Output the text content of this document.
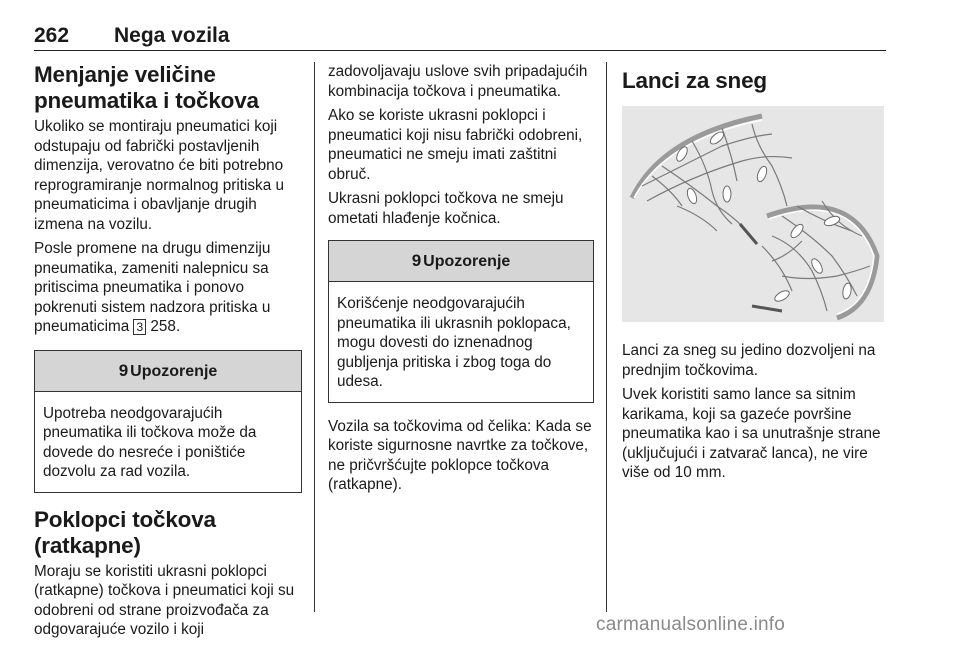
262 Nega vozila
Menjanje veličine pneumatika i točkova

Ukoliko se montiraju pneumatici koji odstupaju od fabrički postavljenih dimenzija, verovatno će biti potrebno reprogramiranje normalnog pritiska u pneumaticima i obavljanje drugih izmena na vozilu.

Posle promene na drugu dimenziju pneumatika, zameniti nalepnicu sa pritiscima pneumatika i ponovo pokrenuti sistem nadzora pritiska u pneumaticima 3 258.

9 Upozorenje
Upotreba neodgovarajućih pneumatika ili točkova može da dovede do nesreće i poništiće dozvolu za rad vozila.
Poklopci točkova (ratkapne)

Moraju se koristiti ukrasni poklopci (ratkapne) točkova i pneumatici koji su odobreni od strane proizvođača za odgovarajuće vozilo i koji

zadovoljavaju uslove svih pripadajućih kombinacija točkova i pneumatika.

Ako se koriste ukrasni poklopci i pneumatici koji nisu fabrički odobreni, pneumatici ne smeju imati zaštitni obruč.

Ukrasni poklopci točkova ne smeju ometati hlađenje kočnica.

9 Upozorenje
Korišćenje neodgovarajućih pneumatika ili ukrasnih poklopaca, mogu dovesti do iznenadnog gubljenja pritiska i zbog toga do udesa.

Vozila sa točkovima od čelika: Kada se koriste sigurnosne navrtke za točkove, ne pričvršćujte poklopce točkova (ratkapne).

Lanci za sneg

Lanci za sneg su jedino dozvoljeni na prednjim točkovima.

Uvek koristiti samo lance sa sitnim karikama, koji sa gazeće površine pneumatika kao i sa unutrašnje strane (uključujući i zatvarač lanca), ne vire više od 10 mm.

carmanualsonline.info
